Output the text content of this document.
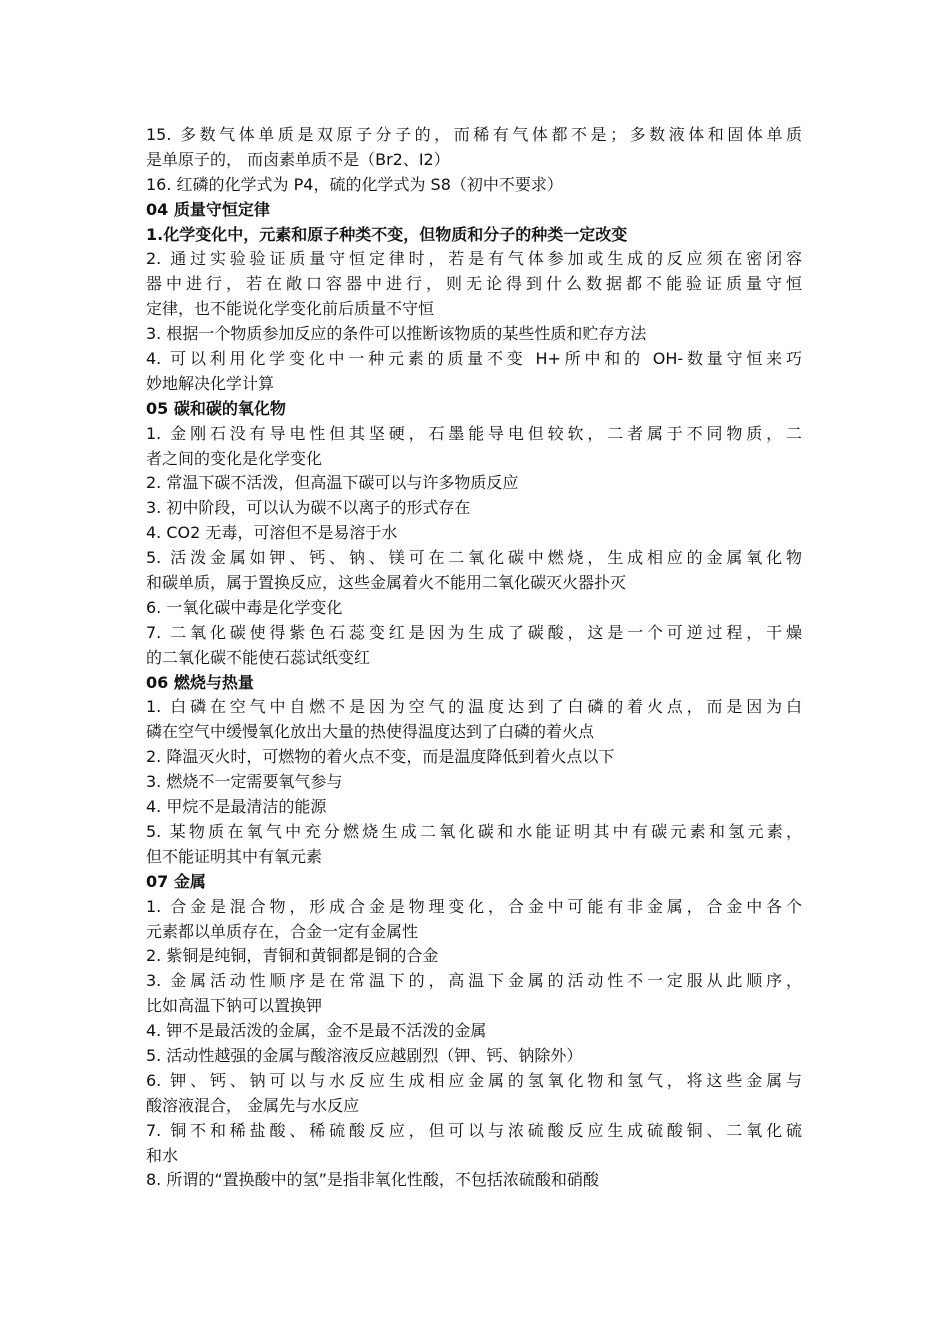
15. 多数气体单质是双原子分子的，而稀有气体都不是；多数液体和固体单质
是单原子的， 而卤素单质不是（Br2、I2）
16. 红磷的化学式为 P4，硫的化学式为 S8（初中不要求）
04 质量守恒定律
1.化学变化中，元素和原子种类不变，但物质和分子的种类一定改变
2. 通过实验验证质量守恒定律时，若是有气体参加或生成的反应须在密闭容
器中进行，若在敞口容器中进行，则无论得到什么数据都不能验证质量守恒
定律，也不能说化学变化前后质量不守恒
3. 根据一个物质参加反应的条件可以推断该物质的某些性质和贮存方法
4. 可以利用化学变化中一种元素的质量不变 H+所中和的 OH-数量守恒来巧
妙地解决化学计算
05 碳和碳的氧化物
1. 金刚石没有导电性但其坚硬，石墨能导电但较软，二者属于不同物质，二
者之间的变化是化学变化
2. 常温下碳不活泼，但高温下碳可以与许多物质反应
3. 初中阶段，可以认为碳不以离子的形式存在
4. CO2 无毒，可溶但不是易溶于水
5. 活泼金属如钾、钙、钠、镁可在二氧化碳中燃烧，生成相应的金属氧化物
和碳单质，属于置换反应，这些金属着火不能用二氧化碳灭火器扑灭
6. 一氧化碳中毒是化学变化
7. 二氧化碳使得紫色石蕊变红是因为生成了碳酸，这是一个可逆过程，干燥
的二氧化碳不能使石蕊试纸变红
06 燃烧与热量
1. 白磷在空气中自燃不是因为空气的温度达到了白磷的着火点，而是因为白
磷在空气中缓慢氧化放出大量的热使得温度达到了白磷的着火点
2. 降温灭火时，可燃物的着火点不变，而是温度降低到着火点以下
3. 燃烧不一定需要氧气参与
4. 甲烷不是最清洁的能源
5. 某物质在氧气中充分燃烧生成二氧化碳和水能证明其中有碳元素和氢元素，
但不能证明其中有氧元素
07 金属
1. 合金是混合物，形成合金是物理变化，合金中可能有非金属，合金中各个
元素都以单质存在，合金一定有金属性
2. 紫铜是纯铜，青铜和黄铜都是铜的合金
3. 金属活动性顺序是在常温下的，高温下金属的活动性不一定服从此顺序，
比如高温下钠可以置换钾
4. 钾不是最活泼的金属，金不是最不活泼的金属
5. 活动性越强的金属与酸溶液反应越剧烈（钾、钙、钠除外）
6. 钾、钙、钠可以与水反应生成相应金属的氢氧化物和氢气，将这些金属与
酸溶液混合， 金属先与水反应
7. 铜不和稀盐酸、稀硫酸反应，但可以与浓硫酸反应生成硫酸铜、二氧化硫
和水
8. 所谓的“置换酸中的氢”是指非氧化性酸，不包括浓硫酸和硝酸
